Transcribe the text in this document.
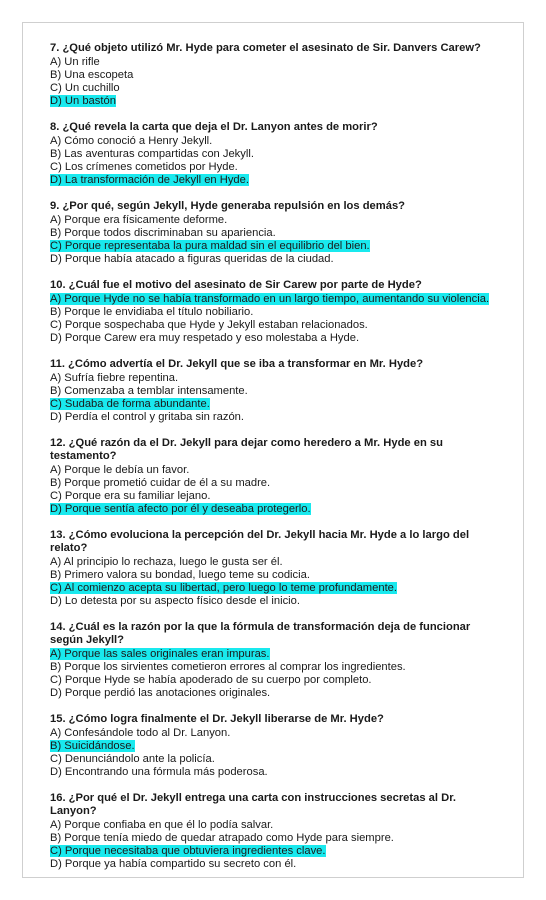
7. ¿Qué objeto utilizó Mr. Hyde para cometer el asesinato de Sir. Danvers Carew?
A) Un rifle
B) Una escopeta
C) Un cuchillo
D) Un bastón
8. ¿Qué revela la carta que deja el Dr. Lanyon antes de morir?
A) Cómo conoció a Henry Jekyll.
B) Las aventuras compartidas con Jekyll.
C) Los crímenes cometidos por Hyde.
D) La transformación de Jekyll en Hyde.
9. ¿Por qué, según Jekyll, Hyde generaba repulsión en los demás?
A) Porque era físicamente deforme.
B) Porque todos discriminaban su apariencia.
C) Porque representaba la pura maldad sin el equilibrio del bien.
D) Porque había atacado a figuras queridas de la ciudad.
10. ¿Cuál fue el motivo del asesinato de Sir Carew por parte de Hyde?
A) Porque Hyde no se había transformado en un largo tiempo, aumentando su violencia.
B) Porque le envidiaba el título nobiliario.
C) Porque sospechaba que Hyde y Jekyll estaban relacionados.
D) Porque Carew era muy respetado y eso molestaba a Hyde.
11. ¿Cómo advertía el Dr. Jekyll que se iba a transformar en Mr. Hyde?
A) Sufría fiebre repentina.
B) Comenzaba a temblar intensamente.
C) Sudaba de forma abundante.
D) Perdía el control y gritaba sin razón.
12. ¿Qué razón da el Dr. Jekyll para dejar como heredero a Mr. Hyde en su testamento?
A) Porque le debía un favor.
B) Porque prometió cuidar de él a su madre.
C) Porque era su familiar lejano.
D) Porque sentía afecto por él y deseaba protegerlo.
13. ¿Cómo evoluciona la percepción del Dr. Jekyll hacia Mr. Hyde a lo largo del relato?
A) Al principio lo rechaza, luego le gusta ser él.
B) Primero valora su bondad, luego teme su codicia.
C) Al comienzo acepta su libertad, pero luego lo teme profundamente.
D) Lo detesta por su aspecto físico desde el inicio.
14. ¿Cuál es la razón por la que la fórmula de transformación deja de funcionar según Jekyll?
A) Porque las sales originales eran impuras.
B) Porque los sirvientes cometieron errores al comprar los ingredientes.
C) Porque Hyde se había apoderado de su cuerpo por completo.
D) Porque perdió las anotaciones originales.
15. ¿Cómo logra finalmente el Dr. Jekyll liberarse de Mr. Hyde?
A) Confesándole todo al Dr. Lanyon.
B) Suicidándose.
C) Denunciándolo ante la policía.
D) Encontrando una fórmula más poderosa.
16. ¿Por qué el Dr. Jekyll entrega una carta con instrucciones secretas al Dr. Lanyon?
A) Porque confiaba en que él lo podía salvar.
B) Porque tenía miedo de quedar atrapado como Hyde para siempre.
C) Porque necesitaba que obtuviera ingredientes clave.
D) Porque ya había compartido su secreto con él.
